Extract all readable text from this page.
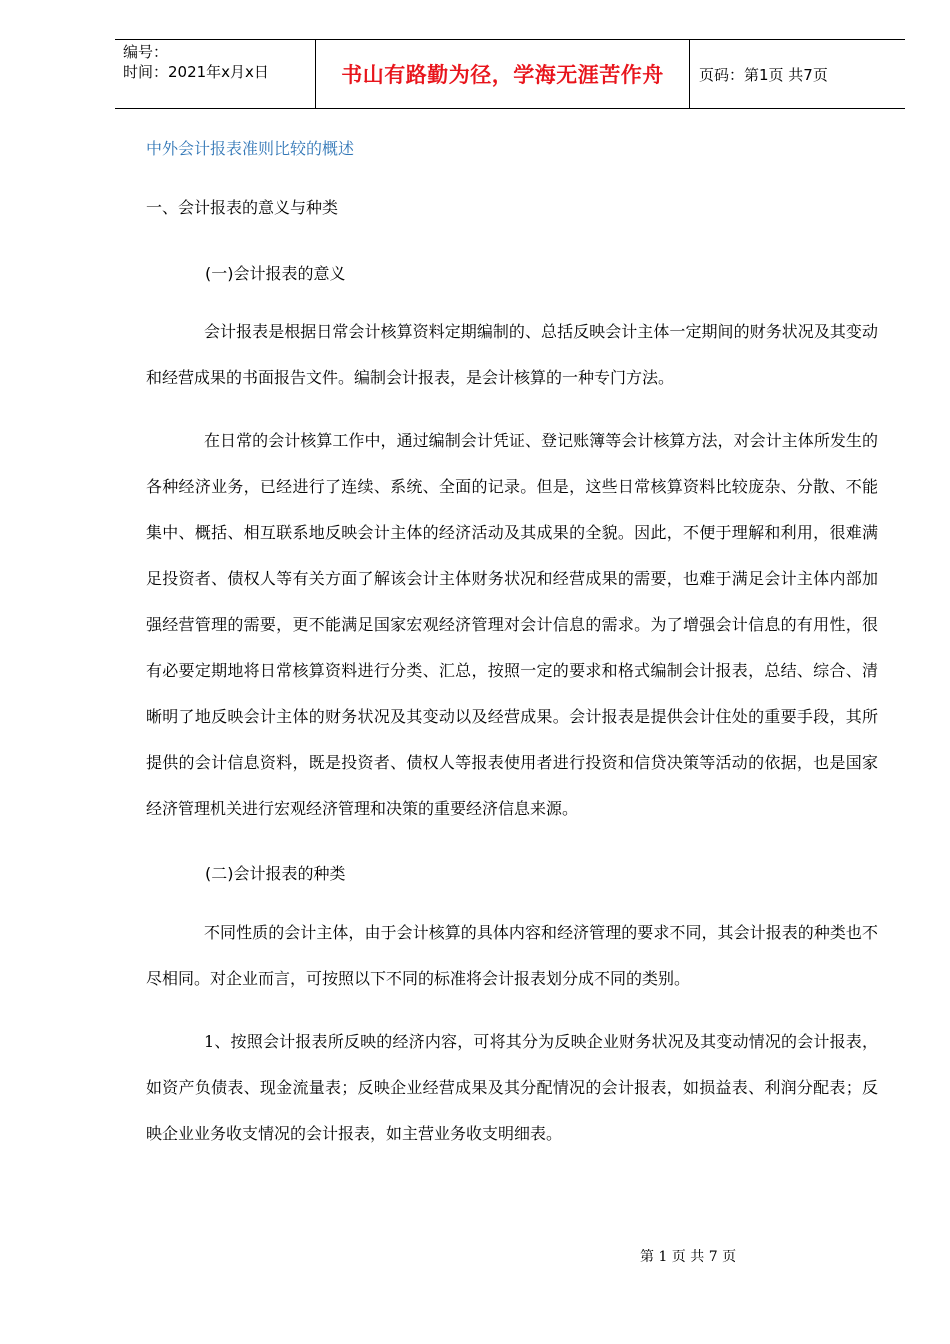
编号：
时间：2021年x月x日	书山有路勤为径，学海无涯苦作舟 页码：第1页 共7页
中外会计报表准则比较的概述
一、会计报表的意义与种类
(一)会计报表的意义

会计报表是根据日常会计核算资料定期编制的、总括反映会计主体一定期间的财务状况及其变动和经营成果的书面报告文件。编制会计报表，是会计核算的一种专门方法。

在日常的会计核算工作中，通过编制会计凭证、登记账簿等会计核算方法，对会计主体所发生的各种经济业务，已经进行了连续、系统、全面的记录。但是，这些日常核算资料比较庞杂、分散、不能集中、概括、相互联系地反映会计主体的经济活动及其成果的全貌。因此，不便于理解和利用，很难满足投资者、债权人等有关方面了解该会计主体财务状况和经营成果的需要，也难于满足会计主体内部加强经营管理的需要，更不能满足国家宏观经济管理对会计信息的需求。为了增强会计信息的有用性，很有必要定期地将日常核算资料进行分类、汇总，按照一定的要求和格式编制会计报表，总结、综合、清晰明了地反映会计主体的财务状况及其变动以及经营成果。会计报表是提供会计住处的重要手段，其所提供的会计信息资料，既是投资者、债权人等报表使用者进行投资和信贷决策等活动的依据，也是国家经济管理机关进行宏观经济管理和决策的重要经济信息来源。

(二)会计报表的种类

不同性质的会计主体，由于会计核算的具体内容和经济管理的要求不同，其会计报表的种类也不尽相同。对企业而言，可按照以下不同的标准将会计报表划分成不同的类别。

1、按照会计报表所反映的经济内容，可将其分为反映企业财务状况及其变动情况的会计报表，如资产负债表、现金流量表；反映企业经营成果及其分配情况的会计报表，如损益表、利润分配表；反映企业业务收支情况的会计报表，如主营业务收支明细表。

第 1 页 共 7 页
